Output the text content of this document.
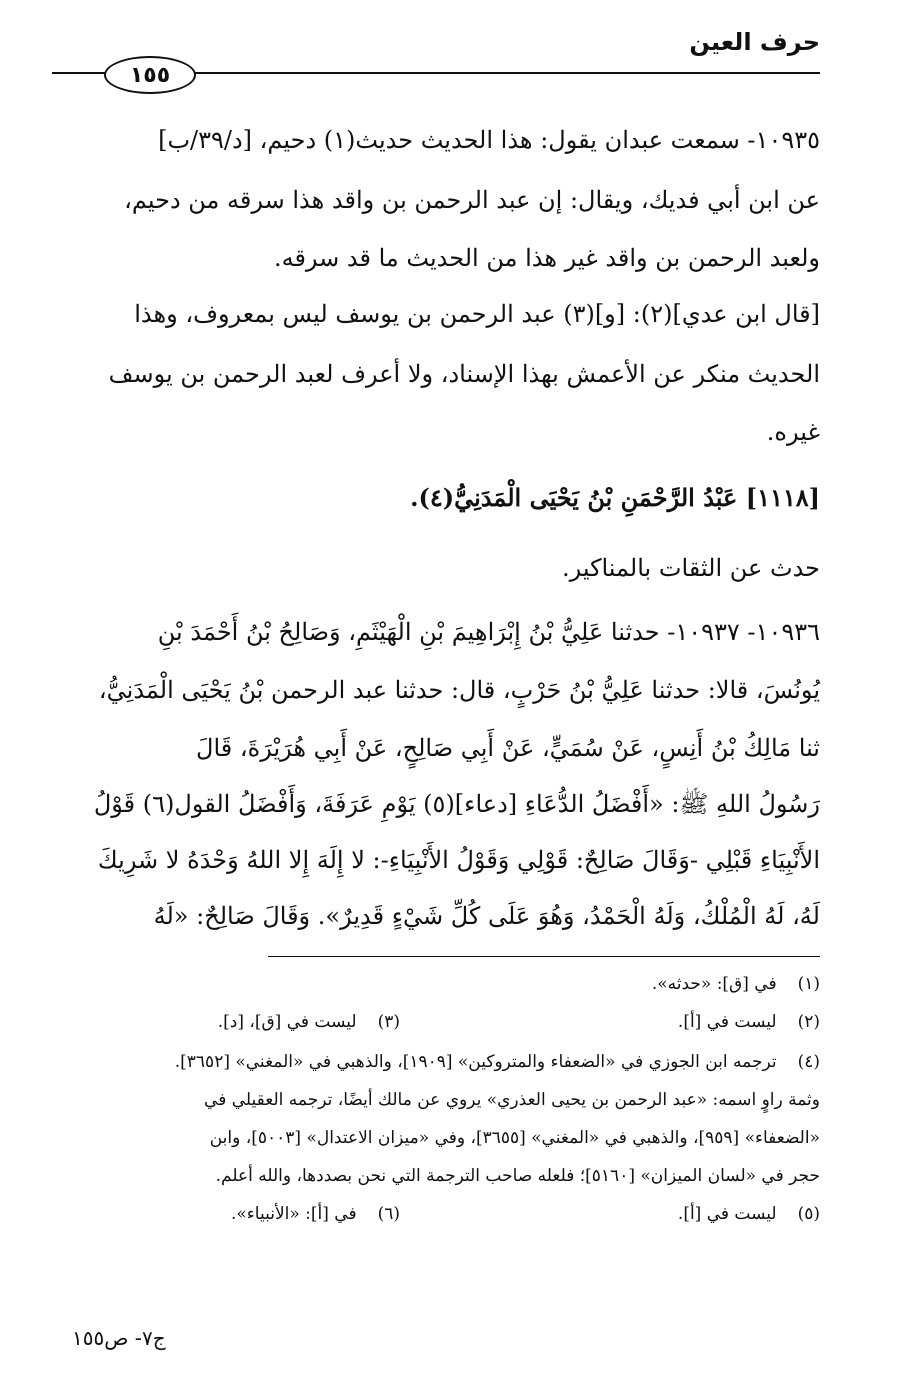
حرف العين
١٥٥
١٠٩٣٥- سمعت عبدان يقول: هذا الحديث حديث(١) دحيم، [د/٣٩/ب]
عن ابن أبي فديك، ويقال: إن عبد الرحمن بن واقد هذا سرقه من دحيم،
ولعبد الرحمن بن واقد غير هذا من الحديث ما قد سرقه.
[قال ابن عدي](٢): [و](٣) عبد الرحمن بن يوسف ليس بمعروف، وهذا
الحديث منكر عن الأعمش بهذا الإسناد، ولا أعرف لعبد الرحمن بن يوسف
غيره.
[١١١٨] عَبْدُ الرَّحْمَنِ بْنُ يَحْيَى الْمَدَنِيُّ(٤).
حدث عن الثقات بالمناكير.
١٠٩٣٦- ١٠٩٣٧- حدثنا عَلِيُّ بْنُ إِبْرَاهِيمَ بْنِ الْهَيْثَمِ، وَصَالِحُ بْنُ أَحْمَدَ بْنِ
يُونُسَ، قالا: حدثنا عَلِيُّ بْنُ حَرْبٍ، قال: حدثنا عبد الرحمن بْنُ يَحْيَى الْمَدَنِيُّ،
ثنا مَالِكُ بْنُ أَنِسٍ، عَنْ سُمَيٍّ، عَنْ أَبِي صَالِحٍ، عَنْ أَبِي هُرَيْرَةَ، قَالَ
رَسُولُ اللهِ ﷺ: «أَفْضَلُ الدُّعَاءِ [دعاء](٥) يَوْمِ عَرَفَةَ، وَأَفْضَلُ القول(٦) قَوْلُ
الأَنْبِيَاءِ قَبْلِي -وَقَالَ صَالِحٌ: قَوْلِي وَقَوْلُ الأَنْبِيَاءِ-: لا إِلَهَ إِلا اللهُ وَحْدَهُ لا شَرِيكَ
لَهُ، لَهُ الْمُلْكُ، وَلَهُ الْحَمْدُ، وَهُوَ عَلَى كُلِّ شَيْءٍ قَدِيرٌ». وَقَالَ صَالِحٌ: «لَهُ
(١) في [ق]: «حدثه».
(٢) ليست في [أ].
(٣) ليست في [ق]، [د].
(٤) ترجمه ابن الجوزي في «الضعفاء والمتروكين» [١٩٠٩]، والذهبي في «المغني» [٣٦٥٢].
وثمة راوٍ اسمه: «عبد الرحمن بن يحيى العذري» يروي عن مالك أيضًا، ترجمه العقيلي في
«الضعفاء» [٩٥٩]، والذهبي في «المغني» [٣٦٥٥]، وفي «ميزان الاعتدال» [٥٠٠٣]، وابن
حجر في «لسان الميزان» [٥١٦٠]؛ فلعله صاحب الترجمة التي نحن بصددها، والله أعلم.
(٥) ليست في [أ].
(٦) في [أ]: «الأنبياء».
ج٧- ص١٥٥
